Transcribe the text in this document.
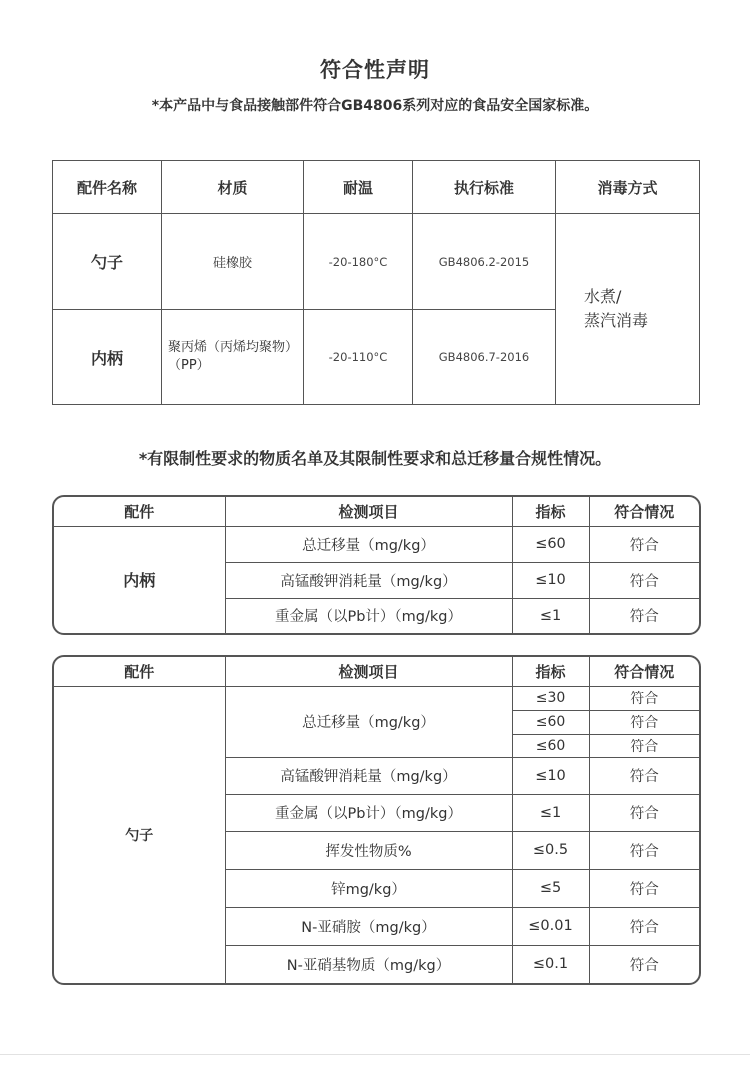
符合性声明
*本产品中与食品接触部件符合GB4806系列对应的食品安全国家标准。
配件名称	材质	耐温	执行标准	消毒方式
勺子	硅橡胶	-20-180°C	GB4806.2-2015	水煮/
蒸汽消毒

内柄	聚丙烯（丙烯均聚物）（PP）	-20-110°C	GB4806.7-2016	
*有限制性要求的物质名单及其限制性要求和总迁移量合规性情况。
配件	检测项目	指标	符合情况
内柄	总迁移量（mg/kg）	≤60	符合
	高锰酸钾消耗量（mg/kg）	≤10	符合
	重金属（以Pb计）（mg/kg）	≤1	符合
配件	检测项目	指标	符合情况
勺子	总迁移量（mg/kg）	≤30	符合
		≤60	符合
		≤60	符合
	高锰酸钾消耗量（mg/kg）	≤10	符合
	重金属（以Pb计）（mg/kg）	≤1	符合
	挥发性物质%	≤0.5	符合
	锌mg/kg）	≤5	符合
	N-亚硝胺（mg/kg）	≤0.01	符合
	N-亚硝基物质（mg/kg）	≤0.1	符合
